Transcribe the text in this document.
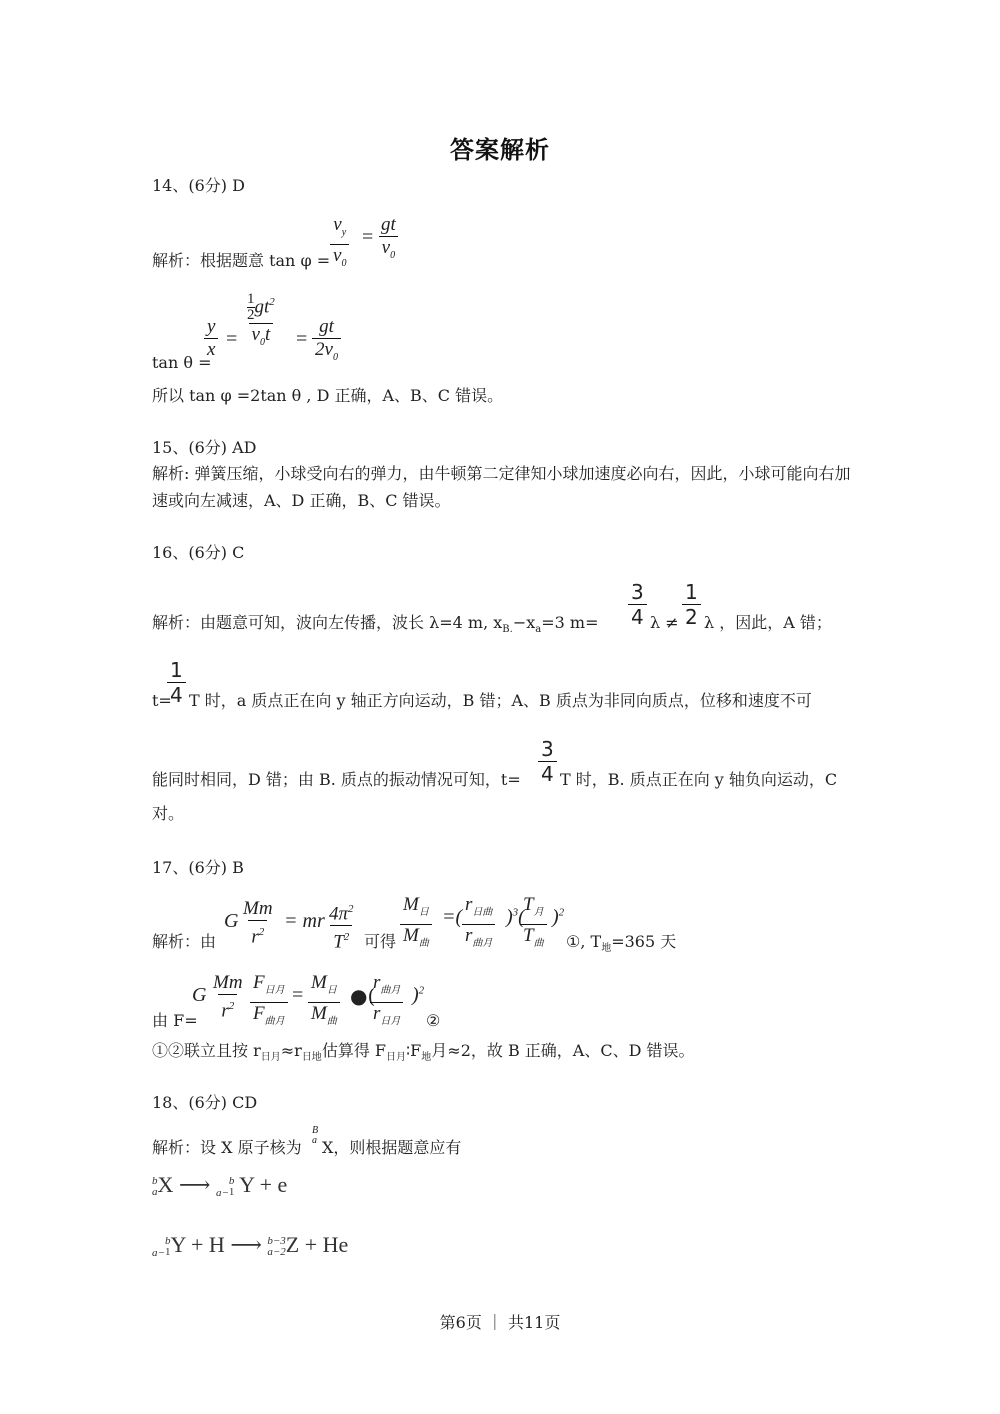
答案解析
14、(6分) D
解析：根据题意 $\tan \varphi = \frac{v_y}{v_0} = \frac{gt}{v_0}$
tan θ =
$\frac{y}{x} = \frac{\frac{1}{2} gt^2}{v_0t} = \frac{gt}{2v_0}$
所以 tan φ =2tan θ , D 正确，A、B、C 错误。
15、(6分) AD
解析: 弹簧压缩，小球受向右的弹力，由牛顿第二定律知小球加速度必向右，因此，小球可能向右加速或向左减速，A、D 正确，B、C 错误。
16、(6分) C
解析：由题意可知，波向左传播，波长 λ=4 m, $x_{B.}-x_a=3$ $m= \frac{3}{4}$ $\lambda \ne \frac{1}{2}$ λ ，因此，A 错；
t=
$\frac{1}{4}$ T 时，a 质点正在向 y 轴正方向运动，B 错；A、B 质点为非同向质点，位移和速度不可
能同时相同，D 错；由 B. 质点的振动情况可知，$t= \frac{3}{4}$ T 时，B. 质点正在向 y 轴负向运动，C
对。
17、(6分) B
解析：由
G $\frac{Mm}{r^2}$ = mr $\frac{4\pi^2}{T^2}$ 可得
$M_日$
$M_曲$
=(
$r_{日曲}$
$r_{曲月}$
)$^3$(
$T_月$
$T_曲$
)$^2$
①, $T_地=365$ 天
由 F=
G $\frac{Mm}{r^2} F_{日月}$
$F_{曲月}$
=
$M_日$
$M_曲$
●(
$r_{曲月}$
$r_{日月}$
)$^2$
②
①②联立且按 $r_{日月}\approx r_{日地}$估算得 $F_{日月}∶F_地$月≈2，故 B 正确，A、C、D 错误。
18、(6分) CD
解析：设 X 原子核为
B
a X，则根据题意应有
b
a X ⟶ a−
b
1 Y + e
a−
b
1 Y + H ⟶ b−3
a−2 Z + He
第6页 ｜ 共11页
